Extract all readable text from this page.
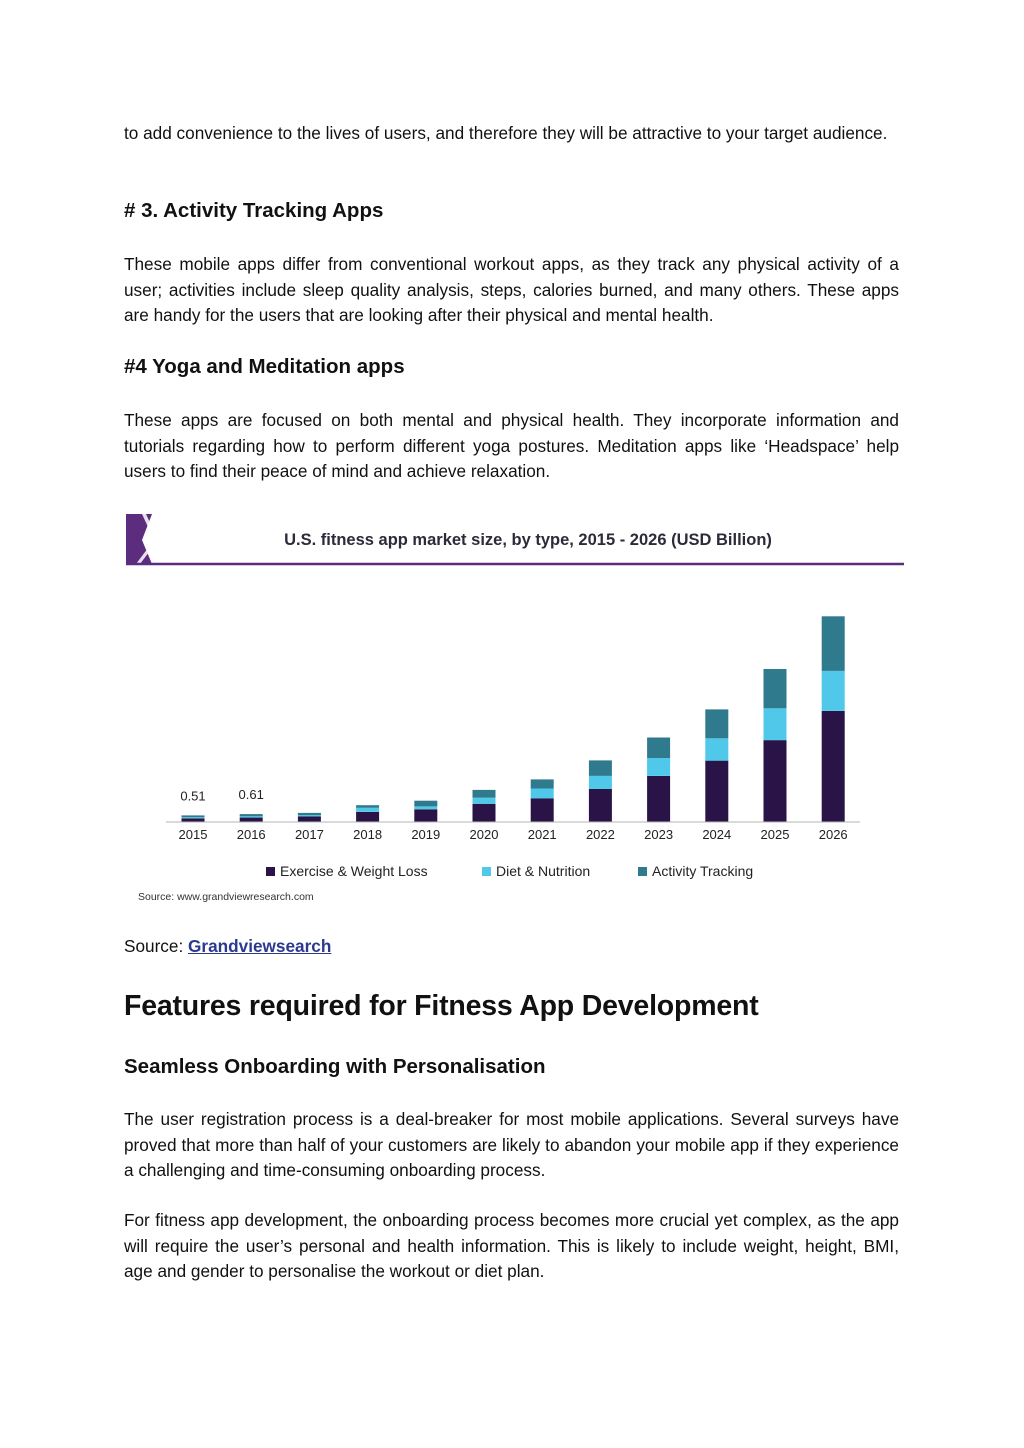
to add convenience to the lives of users, and therefore they will be attractive to your target audience.

# 3. Activity Tracking Apps

These mobile apps differ from conventional workout apps, as they track any physical activity of a user; activities include sleep quality analysis, steps, calories burned, and many others. These apps are handy for the users that are looking after their physical and mental health.

#4 Yoga and Meditation apps

These apps are focused on both mental and physical health. They incorporate information and tutorials regarding how to perform different yoga postures. Meditation apps like ‘Headspace’ help users to find their peace of mind and achieve relaxation.

Source: Grandviewsearch

Features required for Fitness App Development
Seamless Onboarding with Personalisation

The user registration process is a deal-breaker for most mobile applications. Several surveys have proved that more than half of your customers are likely to abandon your mobile app if they experience a challenging and time-consuming onboarding process.

For fitness app development, the onboarding process becomes more crucial yet complex, as the app will require the user’s personal and health information. This is likely to include weight, height, BMI, age and gender to personalise the workout or diet plan.

U.S. fitness app market size, by type, 2015 - 2026 (USD Billion)
2015 2016 2017 2018 2019 2020 2021 2022 2023 2024 2025 2026
0.51	0.61
Exercise & Weight Loss	Diet & Nutrition	Activity Tracking
Source: www.grandviewresearch.com
